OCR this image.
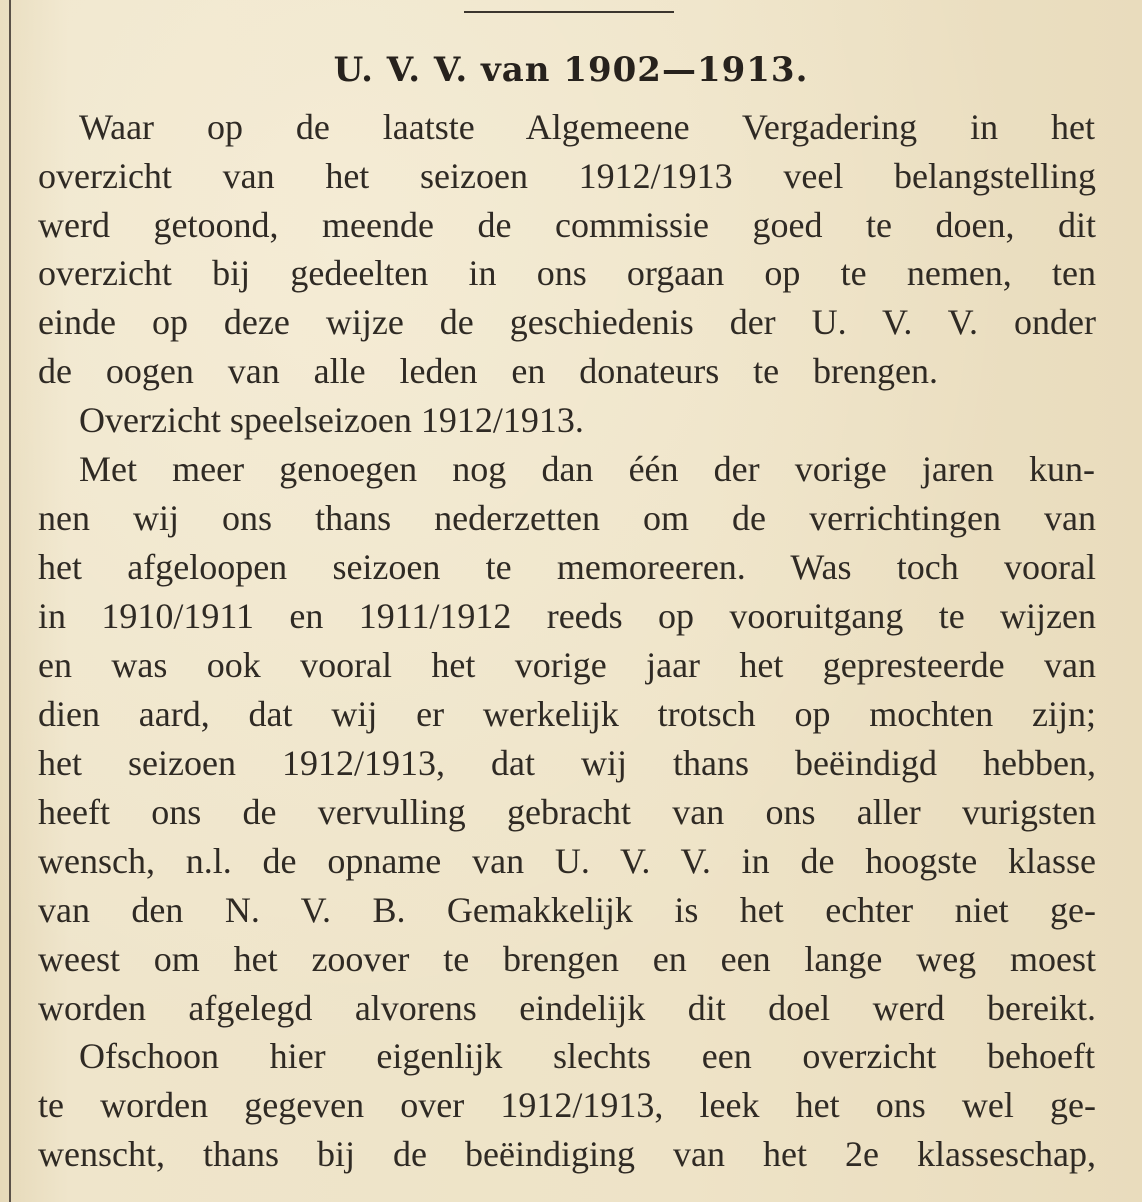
U. V. V. van 1902—1913.
Waar op de laatste Algemeene Vergadering in het
overzicht van het seizoen 1912/1913 veel belangstelling
werd getoond, meende de commissie goed te doen, dit
overzicht bij gedeelten in ons orgaan op te nemen, ten
einde op deze wijze de geschiedenis der U. V. V. onder
de oogen van alle leden en donateurs te brengen.
Overzicht speelseizoen 1912/1913.
Met meer genoegen nog dan één der vorige jaren kun-
nen wij ons thans nederzetten om de verrichtingen van
het afgeloopen seizoen te memoreeren. Was toch vooral
in 1910/1911 en 1911/1912 reeds op vooruitgang te wijzen
en was ook vooral het vorige jaar het gepresteerde van
dien aard, dat wij er werkelijk trotsch op mochten zijn;
het seizoen 1912/1913, dat wij thans beëindigd hebben,
heeft ons de vervulling gebracht van ons aller vurigsten
wensch, n.l. de opname van U. V. V. in de hoogste klasse
van den N. V. B. Gemakkelijk is het echter niet ge-
weest om het zoover te brengen en een lange weg moest
worden afgelegd alvorens eindelijk dit doel werd bereikt.
Ofschoon hier eigenlijk slechts een overzicht behoeft
te worden gegeven over 1912/1913, leek het ons wel ge-
wenscht, thans bij de beëindiging van het 2e klasseschap,
